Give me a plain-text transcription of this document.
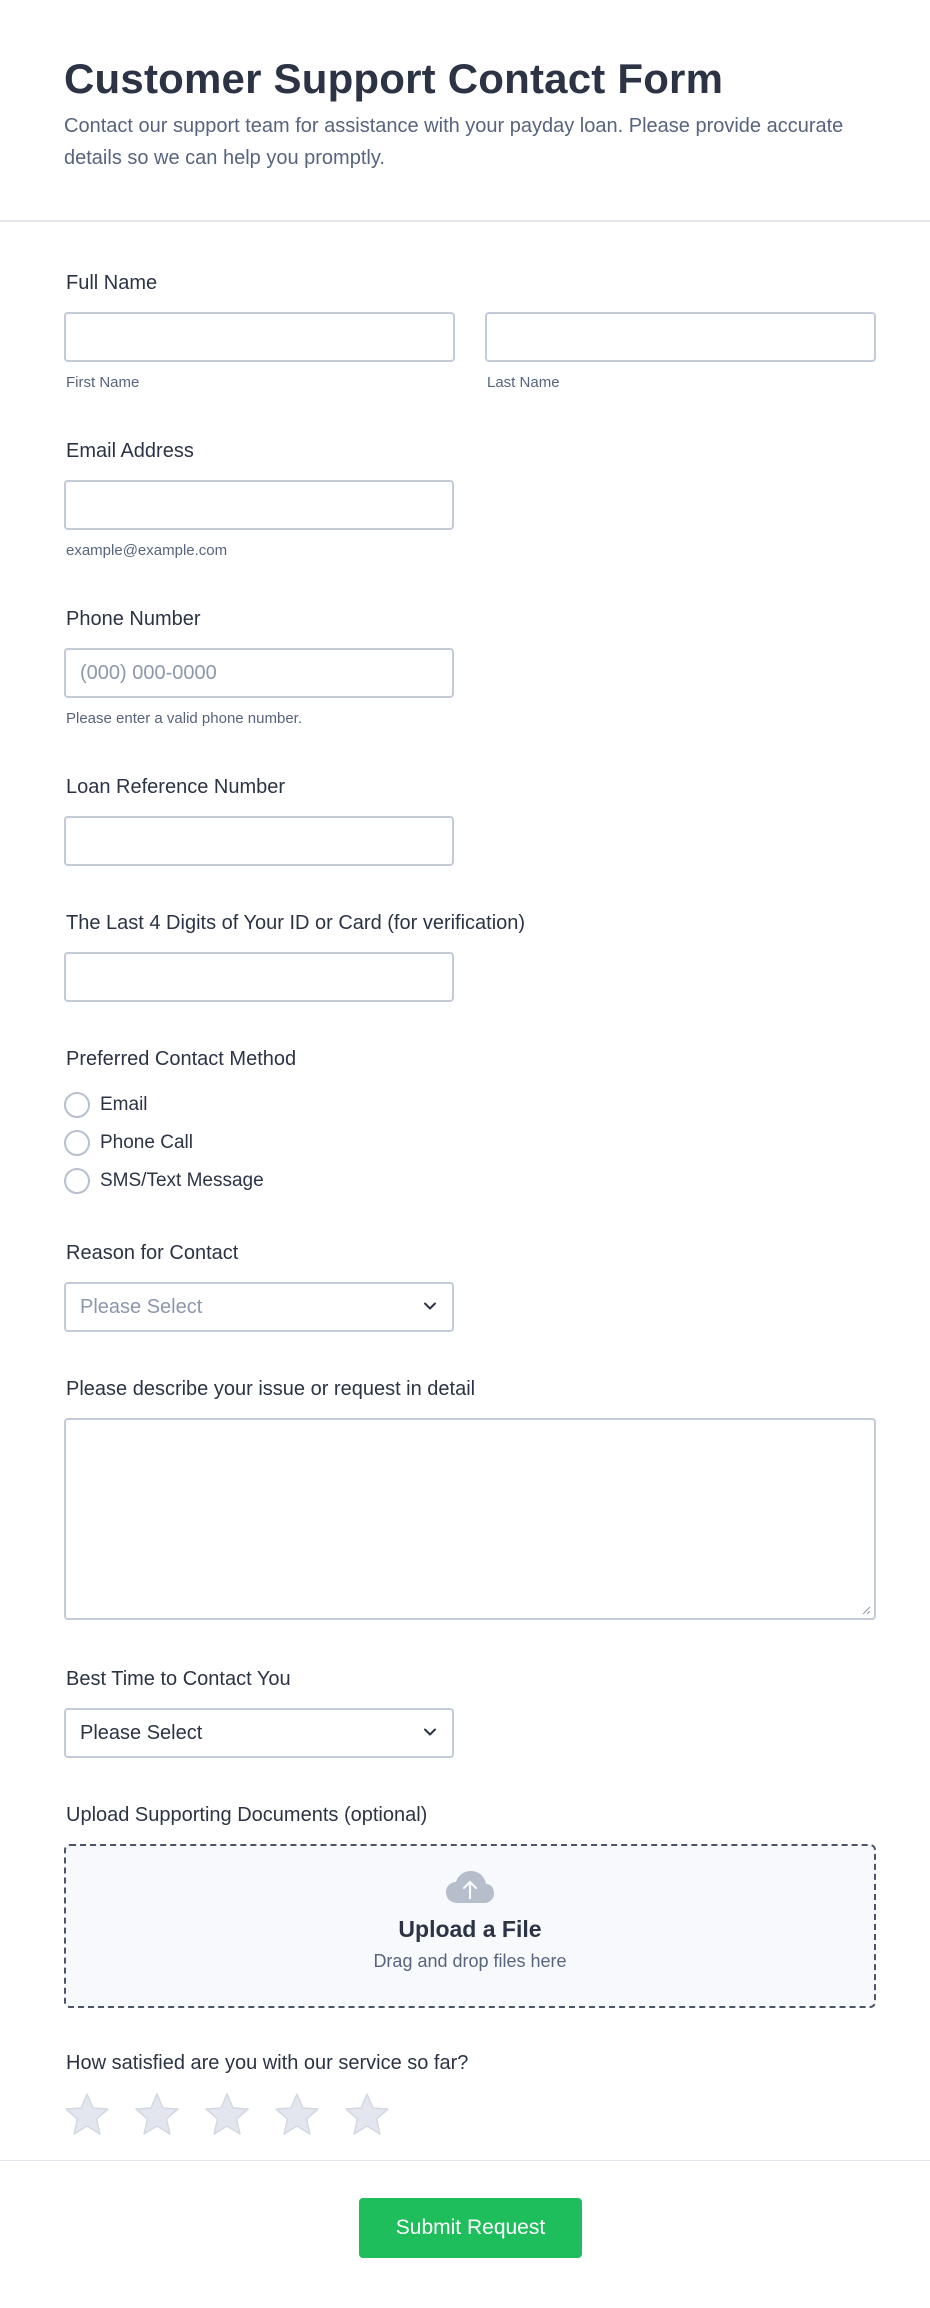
Customer Support Contact Form

Contact our support team for assistance with your payday loan. Please provide accurate details so we can help you promptly.

Full Name
First Name	Last Name
Email Address
example@example.com
Phone Number
(000) 000-0000
Please enter a valid phone number.
Loan Reference Number
The Last 4 Digits of Your ID or Card (for verification)
Preferred Contact Method
Email
Phone Call
SMS/Text Message
Reason for Contact
Please Select
Please describe your issue or request in detail
Best Time to Contact You
Please Select
Upload Supporting Documents (optional)
Upload a File
Drag and drop files here
How satisfied are you with our service so far?
Submit Request
